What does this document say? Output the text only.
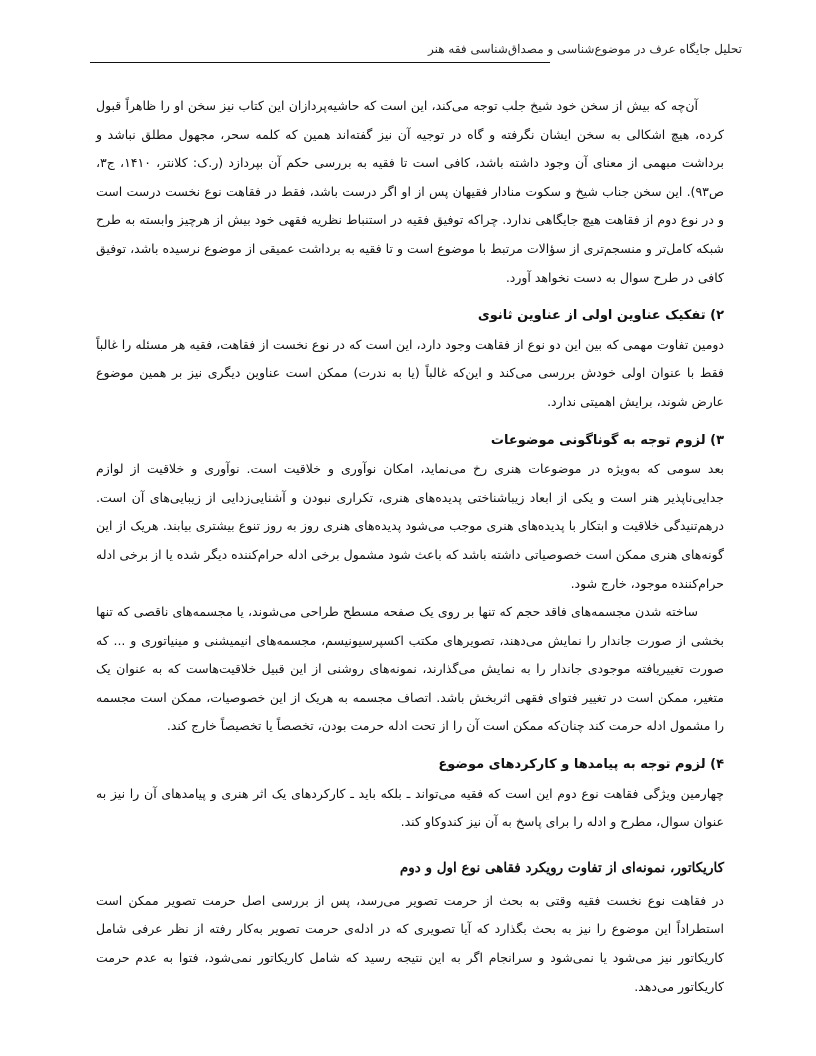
تحلیل جایگاه عرف در موضوع‌شناسی و مصداق‌شناسی فقه هنر

آن‌چه که بیش از سخن خود شیخ جلب توجه می‌کند، این است که حاشیه‌پردازان این کتاب نیز سخن او را ظاهراً قبول کرده، هیچ اشکالی به سخن ایشان نگرفته و گاه در توجیه آن نیز گفته‌اند همین که کلمه سحر، مجهول مطلق نباشد و برداشت مبهمی از معنای آن وجود داشته باشد، کافی است تا فقیه به بررسی حکم آن بپردازد (ر.ک: کلانتر، ۱۴۱۰، ج۳، ص۹۳). این سخن جناب شیخ و سکوت منادار فقیهان پس از او اگر درست باشد، فقط در فقاهت نوع نخست درست است و در نوع دوم از فقاهت هیچ جایگاهی ندارد. چراکه توفیق فقیه در استنباط نظریه فقهی خود بیش از هرچیز وابسته به طرح شبکه کامل‌تر و منسجم‌تری از سؤالات مرتبط با موضوع است و تا فقیه به برداشت عمیقی از موضوع نرسیده باشد، توفیق کافی در طرح سوال به دست نخواهد آورد.

۲) تفکیک عناوین اولی از عناوین ثانوی

دومین تفاوت مهمی که بین این دو نوع از فقاهت وجود دارد، این است که در نوع نخست از فقاهت، فقیه هر مسئله را غالباً فقط با عنوان اولی خودش بررسی می‌کند و این‌که غالباً (یا به ندرت) ممکن است عناوین دیگری نیز بر همین موضوع عارض شوند، برایش اهمیتی ندارد.

۳) لزوم توجه به گوناگونی موضوعات

بعد سومی که به‌ویژه در موضوعات هنری رخ می‌نماید، امکان نوآوری و خلاقیت است. نوآوری و خلاقیت از لوازم جدایی‌ناپذیر هنر است و یکی از ابعاد زیباشناختی پدیده‌های هنری، تکراری نبودن و آشنایی‌زدایی از زیبایی‌های آن است. درهم‌تنیدگی خلاقیت و ابتکار با پدیده‌های هنری موجب می‌شود پدیده‌های هنری روز به روز تنوع بیشتری بیابند. هریک از این گونه‌های هنری ممکن است خصوصیاتی داشته باشد که باعث شود مشمول برخی ادله حرام‌کننده دیگر شده یا از برخی ادله حرام‌کننده موجود، خارج شود.

ساخته شدن مجسمه‌های فاقد حجم که تنها بر روی یک صفحه مسطح طراحی می‌شوند، یا مجسمه‌های ناقصی که تنها بخشی از صورت جاندار را نمایش می‌دهند، تصویرهای مکتب اکسپرسیونیسم، مجسمه‌های انیمیشنی و مینیاتوری و ... که صورت تغییریافته موجودی جاندار را به نمایش می‌گذارند، نمونه‌های روشنی از این قبیل خلاقیت‌هاست که به عنوان یک متغیر، ممکن است در تغییر فتوای فقهی اثربخش باشد. اتصاف مجسمه به هریک از این خصوصیات، ممکن است مجسمه را مشمول ادله حرمت کند چنان‌که ممکن است آن را از تحت ادله حرمت بودن، تخصصاً یا تخصیصاً خارج کند.

۴) لزوم توجه به پیامدها و کارکردهای موضوع

چهارمین ویژگی فقاهت نوع دوم این است که فقیه می‌تواند ـ بلکه باید ـ کارکردهای یک اثر هنری و پیامدهای آن را نیز به عنوان سوال، مطرح و ادله را برای پاسخ به آن نیز کندوکاو کند.

کاریکاتور، نمونه‌ای از تفاوت رویکرد فقاهی نوع اول و دوم

در فقاهت نوع نخست فقیه وقتی به بحث از حرمت تصویر می‌رسد، پس از بررسی اصل حرمت تصویر ممکن است استطراداً این موضوع را نیز به بحث بگذارد که آیا تصویری که در ادله‌ی حرمت تصویر به‌کار رفته از نظر عرفی شامل کاریکاتور نیز می‌شود یا نمی‌شود و سرانجام اگر به این نتیجه رسید که شامل کاریکاتور نمی‌شود، فتوا به عدم حرمت کاریکاتور می‌دهد.
